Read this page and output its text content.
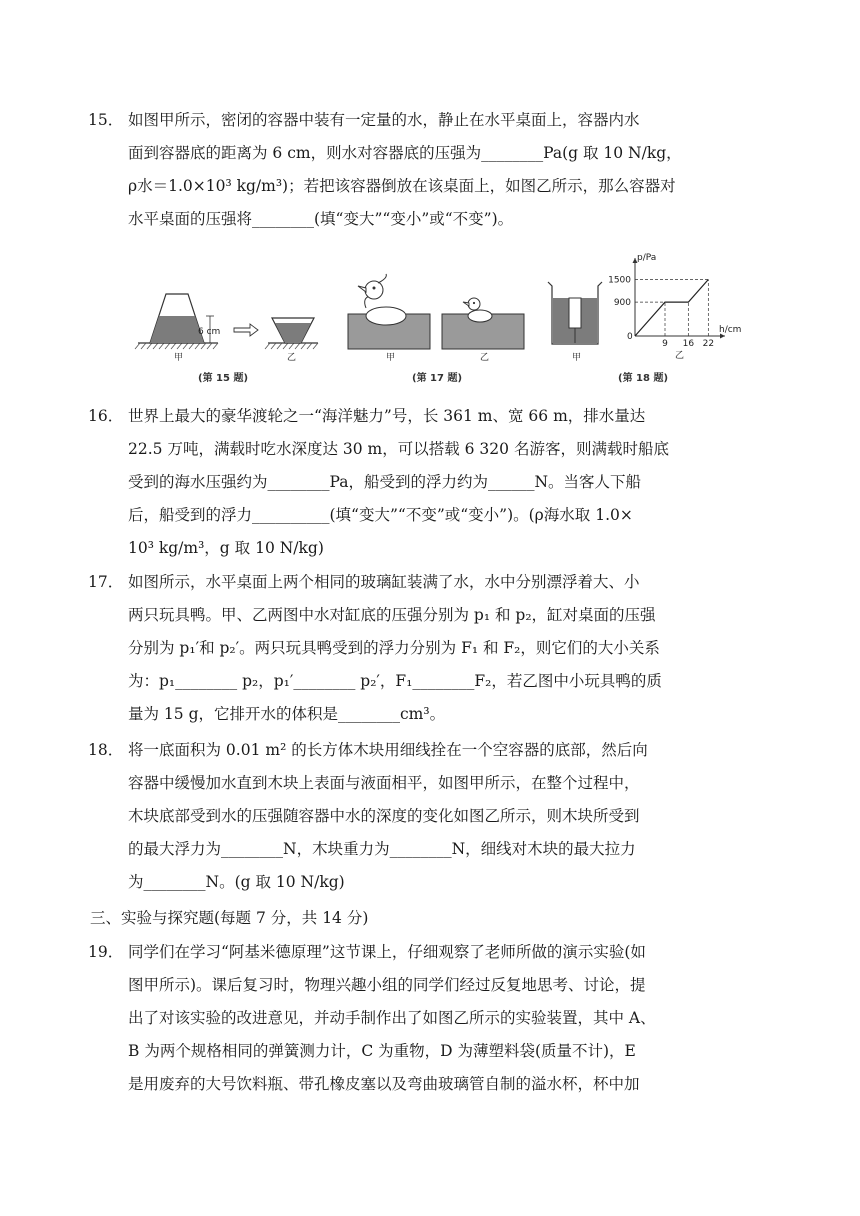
15． 如图甲所示，密闭的容器中装有一定量的水，静止在水平桌面上，容器内水
面到容器底的距离为 6 cm，则水对容器底的压强为________Pa(g 取 10 N/kg，
ρ水＝1.0×10³ kg/m³)；若把该容器倒放在该桌面上，如图乙所示，那么容器对
水平桌面的压强将________(填“变大”“变小”或“不变”)。
6 cm
甲	乙
(第 15 题)
甲	乙
(第 17 题)
甲
p/Pa
h/cm
0
900
1500
9 16 22
乙
(第 18 题)
16． 世界上最大的豪华渡轮之一“海洋魅力”号，长 361 m、宽 66 m，排水量达
22.5 万吨，满载时吃水深度达 30 m，可以搭载 6 320 名游客，则满载时船底
受到的海水压强约为________Pa，船受到的浮力约为______N。当客人下船
后，船受到的浮力__________(填“变大”“不变”或“变小”)。(ρ海水取 1.0×
10³ kg/m³，g 取 10 N/kg)
17． 如图所示，水平桌面上两个相同的玻璃缸装满了水，水中分别漂浮着大、小
两只玩具鸭。甲、乙两图中水对缸底的压强分别为 p₁ 和 p₂，缸对桌面的压强
分别为 p₁′和 p₂′。两只玩具鸭受到的浮力分别为 F₁ 和 F₂，则它们的大小关系
为：p₁________ p₂，p₁′________ p₂′，F₁________F₂，若乙图中小玩具鸭的质
量为 15 g，它排开水的体积是________cm³。
18． 将一底面积为 0.01 m² 的长方体木块用细线拴在一个空容器的底部，然后向
容器中缓慢加水直到木块上表面与液面相平，如图甲所示，在整个过程中，
木块底部受到水的压强随容器中水的深度的变化如图乙所示，则木块所受到
的最大浮力为________N，木块重力为________N，细线对木块的最大拉力
为________N。(g 取 10 N/kg)
三、实验与探究题(每题 7 分，共 14 分)
19． 同学们在学习“阿基米德原理”这节课上，仔细观察了老师所做的演示实验(如
图甲所示)。课后复习时，物理兴趣小组的同学们经过反复地思考、讨论，提
出了对该实验的改进意见，并动手制作出了如图乙所示的实验装置，其中 A、
B 为两个规格相同的弹簧测力计，C 为重物，D 为薄塑料袋(质量不计)，E
是用废弃的大号饮料瓶、带孔橡皮塞以及弯曲玻璃管自制的溢水杯，杯中加
